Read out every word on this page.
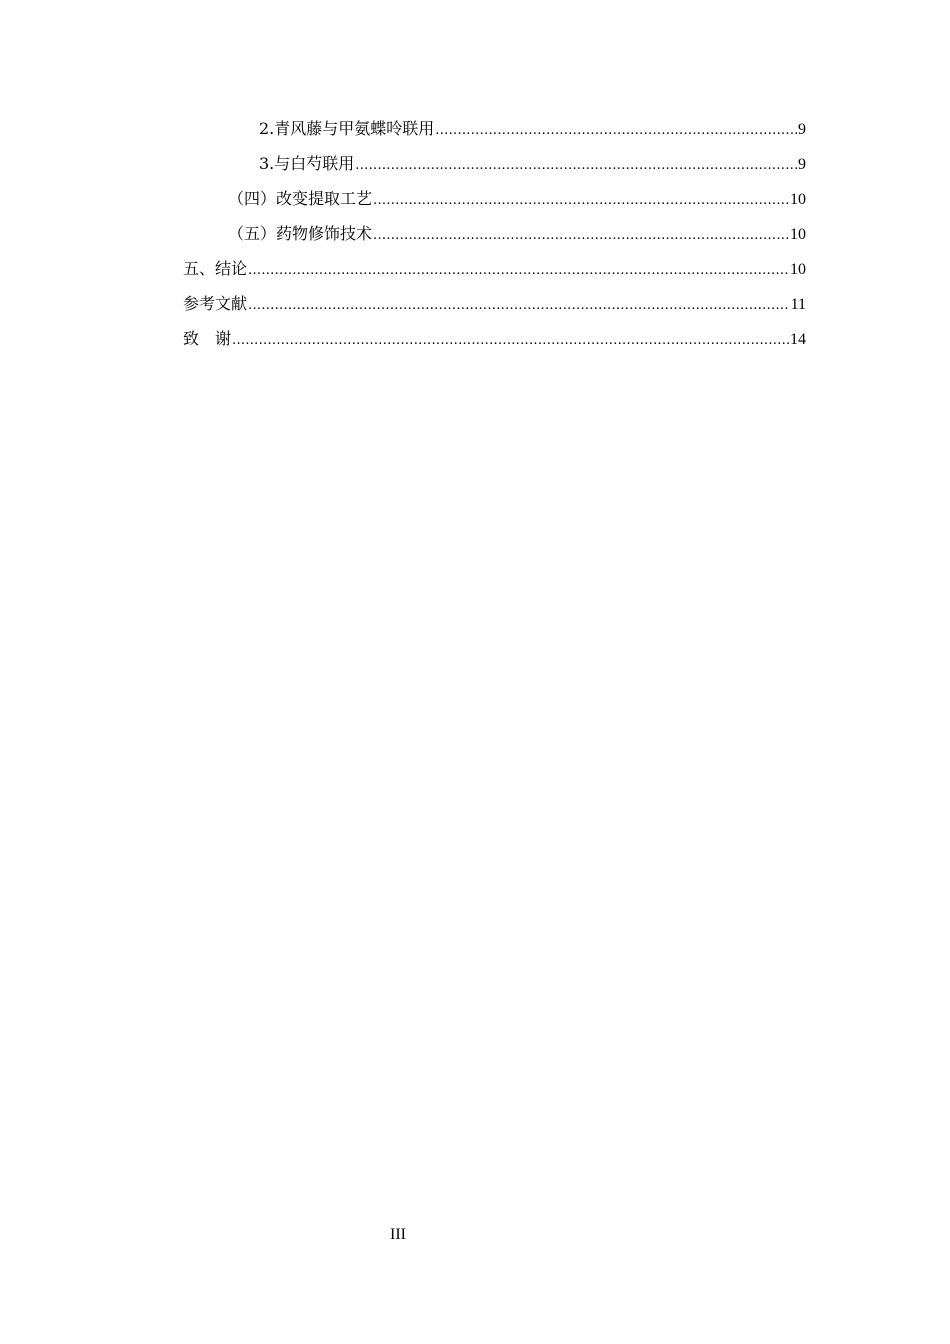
2.青风藤与甲氨蝶呤联用 .....	9
3.与白芍联用 .....	9
（四）改变提取工艺 .....	10
（五）药物修饰技术 .....	10
五、结论 .....	10
参考文献 .....	11
致　谢 .....	14
III
